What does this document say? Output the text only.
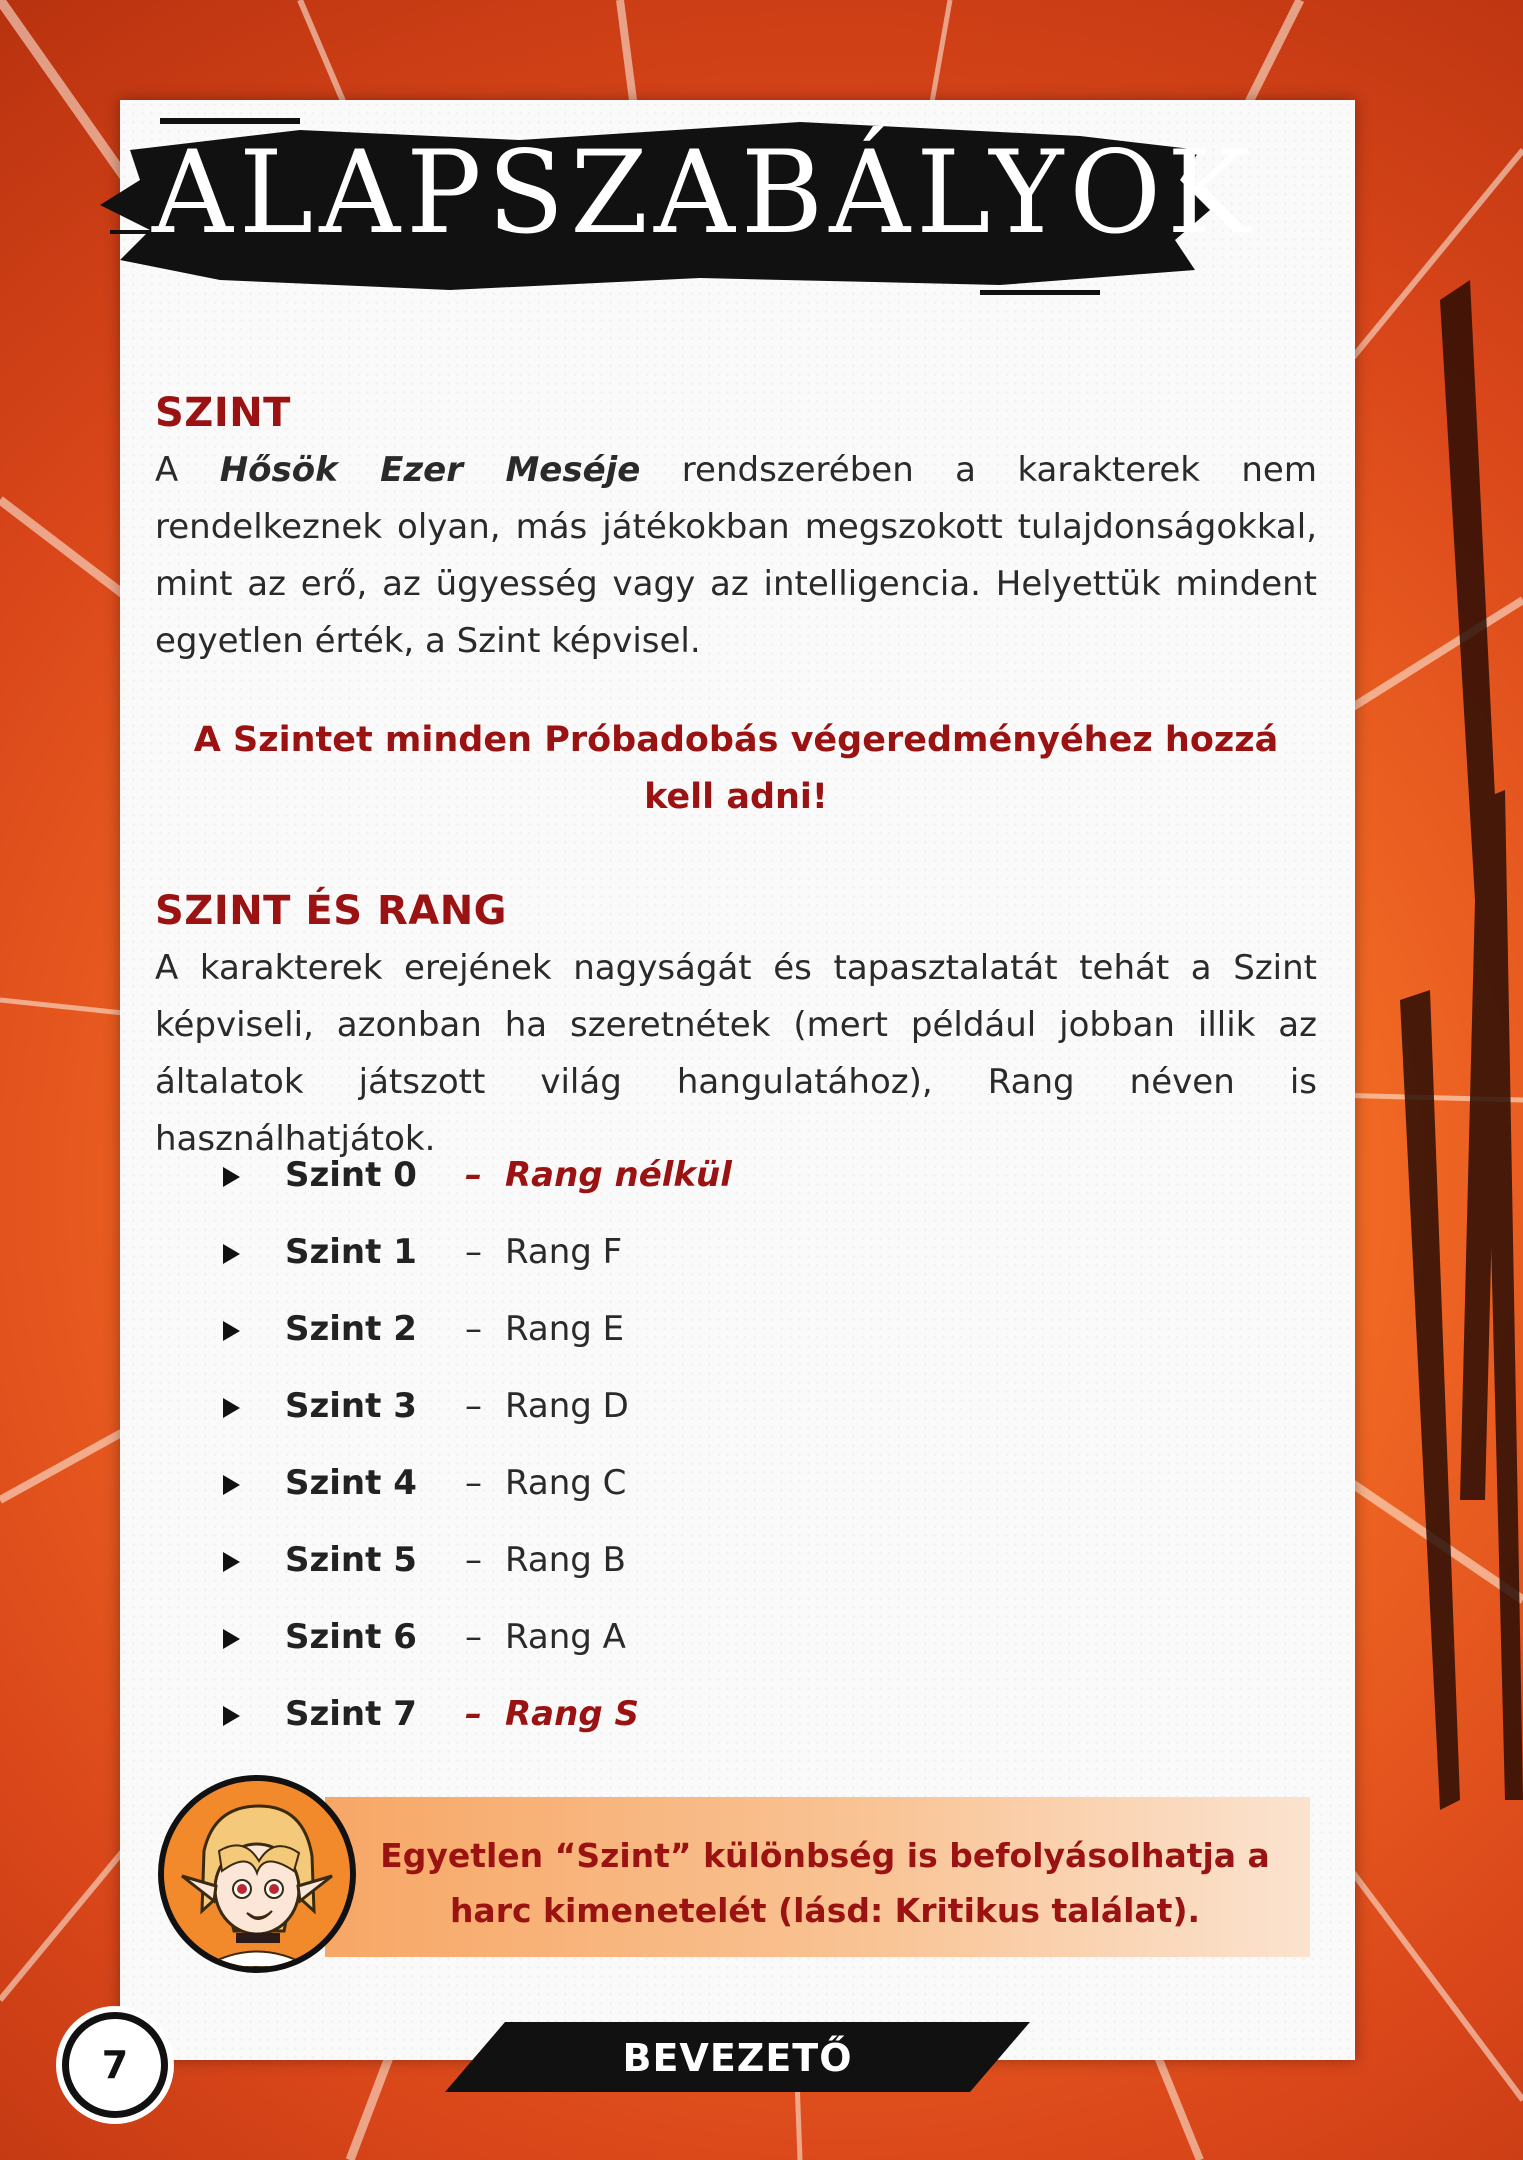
ALAPSZABÁLYOK
SZINT

A Hősök Ezer Meséje rendszerében a karakterek nem rendelkeznek olyan, más játékokban megszokott tulajdonságokkal, mint az erő, az ügyesség vagy az intelligencia. Helyettük mindent egyetlen érték, a Szint képvisel.

A Szintet minden Próbadobás végeredményéhez hozzá kell adni!

SZINT ÉS RANG

A karakterek erejének nagyságát és tapasztalatát tehát a Szint képviseli, azonban ha szeretnétek (mert például jobban illik az általatok játszott világ hangulatához), Rang néven is használhatjátok.

Szint 0 – Rang nélkül
Szint 1 – Rang F
Szint 2 – Rang E
Szint 3 – Rang D
Szint 4 – Rang C
Szint 5 – Rang B
Szint 6 – Rang A
Szint 7 – Rang S
Egyetlen “Szint” különbség is befolyásolhatja a harc kimenetelét (lásd: Kritikus találat).
7	BEVEZETŐ
